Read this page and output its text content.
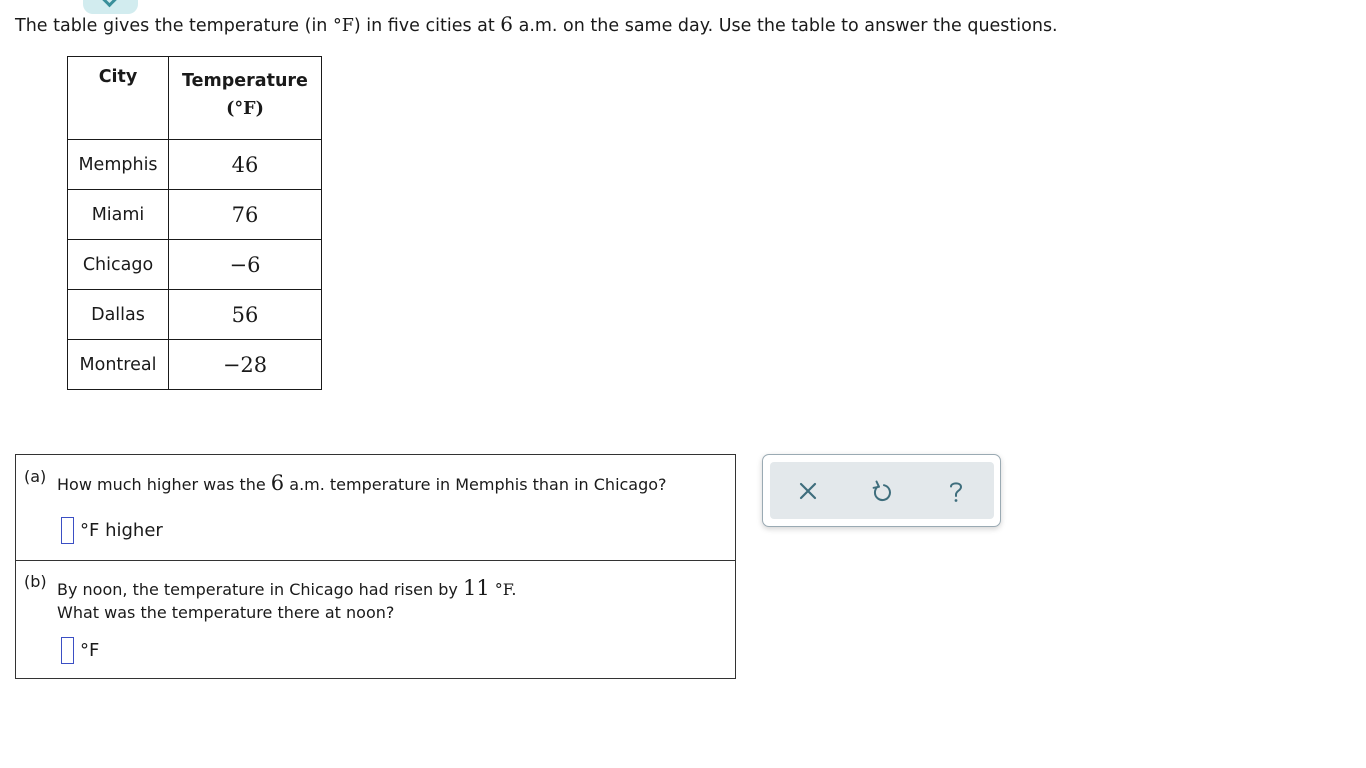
The table gives the temperature (in °F) in five cities at 6 a.m. on the same day. Use the table to answer the questions.
City	Temperature
(°F)
Memphis	46
Miami	76
Chicago	−6
Dallas	56
Montreal	−28
(a) How much higher was the 6 a.m. temperature in Memphis than in Chicago?
°F higher
(b) By noon, the temperature in Chicago had risen by 11 °F.
What was the temperature there at noon?
°F
